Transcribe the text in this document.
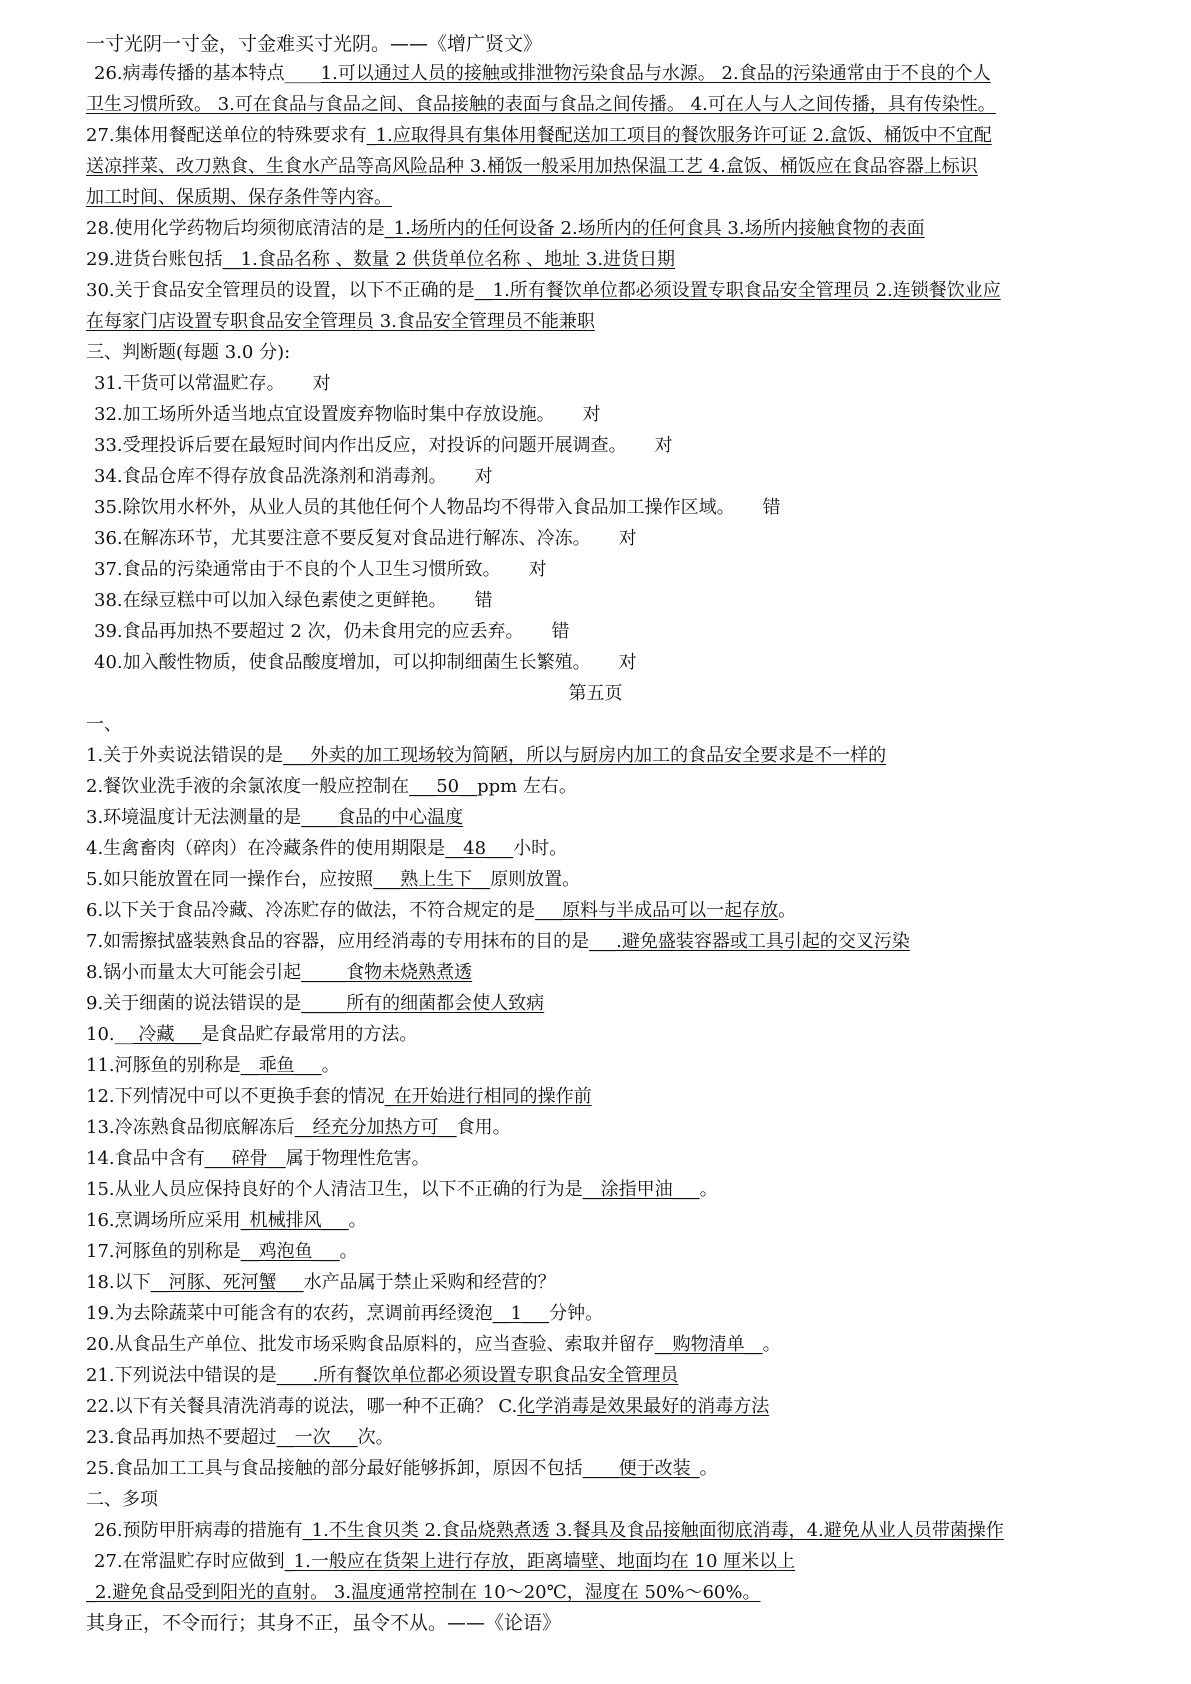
一寸光阴一寸金，寸金难买寸光阴。——《增广贤文》
26.病毒传播的基本特点____1.可以通过人员的接触或排泄物污染食品与水源。 2.食品的污染通常由于不良的个人
卫生习惯所致。 3.可在食品与食品之间、食品接触的表面与食品之间传播。 4.可在人与人之间传播，具有传染性。
27.集体用餐配送单位的特殊要求有_1.应取得具有集体用餐配送加工项目的餐饮服务许可证 2.盒饭、桶饭中不宜配
送凉拌菜、改刀熟食、生食水产品等高风险品种 3.桶饭一般采用加热保温工艺 4.盒饭、桶饭应在食品容器上标识
加工时间、保质期、保存条件等内容。
28.使用化学药物后均须彻底清洁的是_1.场所内的任何设备 2.场所内的任何食具 3.场所内接触食物的表面
29.进货台账包括__1.食品名称 、数量 2 供货单位名称 、地址 3.进货日期
30.关于食品安全管理员的设置，以下不正确的是__1.所有餐饮单位都必须设置专职食品安全管理员 2.连锁餐饮业应
在每家门店设置专职食品安全管理员 3.食品安全管理员不能兼职
三、判断题(每题 3.0 分):
31.干货可以常温贮存。 对
32.加工场所外适当地点宜设置废弃物临时集中存放设施。 对
33.受理投诉后要在最短时间内作出反应，对投诉的问题开展调查。 对
34.食品仓库不得存放食品洗涤剂和消毒剂。 对
35.除饮用水杯外，从业人员的其他任何个人物品均不得带入食品加工操作区域。 错
36.在解冻环节，尤其要注意不要反复对食品进行解冻、冷冻。 对
37.食品的污染通常由于不良的个人卫生习惯所致。 对
38.在绿豆糕中可以加入绿色素使之更鲜艳。 错
39.食品再加热不要超过 2 次，仍未食用完的应丢弃。 错
40.加入酸性物质，使食品酸度增加，可以抑制细菌生长繁殖。 对
第五页
一、
1.关于外卖说法错误的是___外卖的加工现场较为简陋，所以与厨房内加工的食品安全要求是不一样的
2.餐饮业洗手液的余氯浓度一般应控制在___50__ppm 左右。
3.环境温度计无法测量的是____食品的中心温度
4.生禽畜肉（碎肉）在冷藏条件的使用期限是__48___小时。
5.如只能放置在同一操作台，应按照___熟上生下__原则放置。
6.以下关于食品冷藏、冷冻贮存的做法，不符合规定的是___原料与半成品可以一起存放。
7.如需擦拭盛装熟食品的容器，应用经消毒的专用抹布的目的是___.避免盛装容器或工具引起的交叉污染
8.锅小而量太大可能会引起_____食物未烧熟煮透
9.关于细菌的说法错误的是_____所有的细菌都会使人致病
10.__ 冷藏___是食品贮存最常用的方法。
11.河豚鱼的别称是__乖鱼___。
12.下列情况中可以不更换手套的情况_在开始进行相同的操作前
13.冷冻熟食品彻底解冻后__经充分加热方可__食用。
14.食品中含有___碎骨__属于物理性危害。
15.从业人员应保持良好的个人清洁卫生，以下不正确的行为是__涂指甲油___。
16.烹调场所应采用_机械排风___。
17.河豚鱼的别称是__鸡泡鱼___。
18.以下__河豚、死河蟹___水产品属于禁止采购和经营的？
19.为去除蔬菜中可能含有的农药，烹调前再经烫泡__1___分钟。
20.从食品生产单位、批发市场采购食品原料的，应当查验、索取并留存__购物清单__。
21.下列说法中错误的是____.所有餐饮单位都必须设置专职食品安全管理员
22.以下有关餐具清洗消毒的说法，哪一种不正确？ C.化学消毒是效果最好的消毒方法
23.食品再加热不要超过__一次___次。
25.食品加工工具与食品接触的部分最好能够拆卸，原因不包括____便于改装_。
二、多项
26.预防甲肝病毒的措施有_1.不生食贝类 2.食品烧熟煮透 3.餐具及食品接触面彻底消毒，4.避免从业人员带菌操作
27.在常温贮存时应做到_1.一般应在货架上进行存放，距离墙壁、地面均在 10 厘米以上
_2.避免食品受到阳光的直射。 3.温度通常控制在 10～20℃，湿度在 50%～60%。
其身正，不令而行；其身不正，虽令不从。——《论语》
